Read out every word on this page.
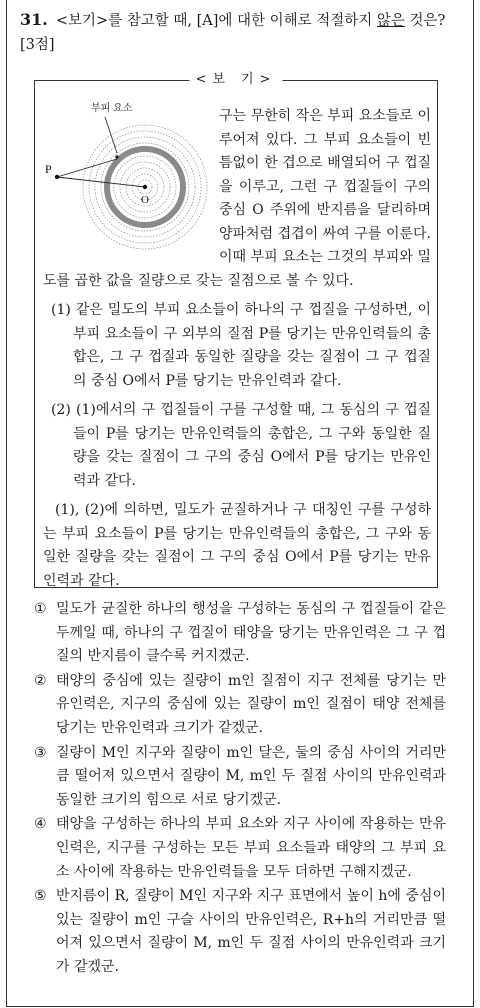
31. <보기>를 참고할 때, [A]에 대한 이해로 적절하지 않은 것은? [3점]
<보 기>
부피 요소
P
O

구는 무한히 작은 부피 요소들로 이루어져 있다. 그 부피 요소들이 빈틈없이 한 겹으로 배열되어 구 껍질을 이루고, 그런 구 껍질들이 구의 중심 O 주위에 반지름을 달리하며 양파처럼 겹겹이 싸여 구를 이룬다. 이때 부피 요소는 그것의 부피와 밀도를 곱한 값을 질량으로 갖는 질점으로 볼 수 있다.

(1) 같은 밀도의 부피 요소들이 하나의 구 껍질을 구성하면, 이 부피 요소들이 구 외부의 질점 P를 당기는 만유인력들의 총합은, 그 구 껍질과 동일한 질량을 갖는 질점이 그 구 껍질의 중심 O에서 P를 당기는 만유인력과 같다.

(2) (1)에서의 구 껍질들이 구를 구성할 때, 그 동심의 구 껍질들이 P를 당기는 만유인력들의 총합은, 그 구와 동일한 질량을 갖는 질점이 그 구의 중심 O에서 P를 당기는 만유인력과 같다.

(1), (2)에 의하면, 밀도가 균질하거나 구 대칭인 구를 구성하는 부피 요소들이 P를 당기는 만유인력들의 총합은, 그 구와 동일한 질량을 갖는 질점이 그 구의 중심 O에서 P를 당기는 만유인력과 같다.

① 밀도가 균질한 하나의 행성을 구성하는 동심의 구 껍질들이 같은 두께일 때, 하나의 구 껍질이 태양을 당기는 만유인력은 그 구 껍질의 반지름이 클수록 커지겠군.

② 태양의 중심에 있는 질량이 m인 질점이 지구 전체를 당기는 만유인력은, 지구의 중심에 있는 질량이 m인 질점이 태양 전체를 당기는 만유인력과 크기가 같겠군.

③ 질량이 M인 지구와 질량이 m인 달은, 둘의 중심 사이의 거리만큼 떨어져 있으면서 질량이 M, m인 두 질점 사이의 만유인력과 동일한 크기의 힘으로 서로 당기겠군.

④ 태양을 구성하는 하나의 부피 요소와 지구 사이에 작용하는 만유인력은, 지구를 구성하는 모든 부피 요소들과 태양의 그 부피 요소 사이에 작용하는 만유인력들을 모두 더하면 구해지겠군.

⑤ 반지름이 R, 질량이 M인 지구와 지구 표면에서 높이 h에 중심이 있는 질량이 m인 구슬 사이의 만유인력은, R+h의 거리만큼 떨어져 있으면서 질량이 M, m인 두 질점 사이의 만유인력과 크기가 같겠군.
